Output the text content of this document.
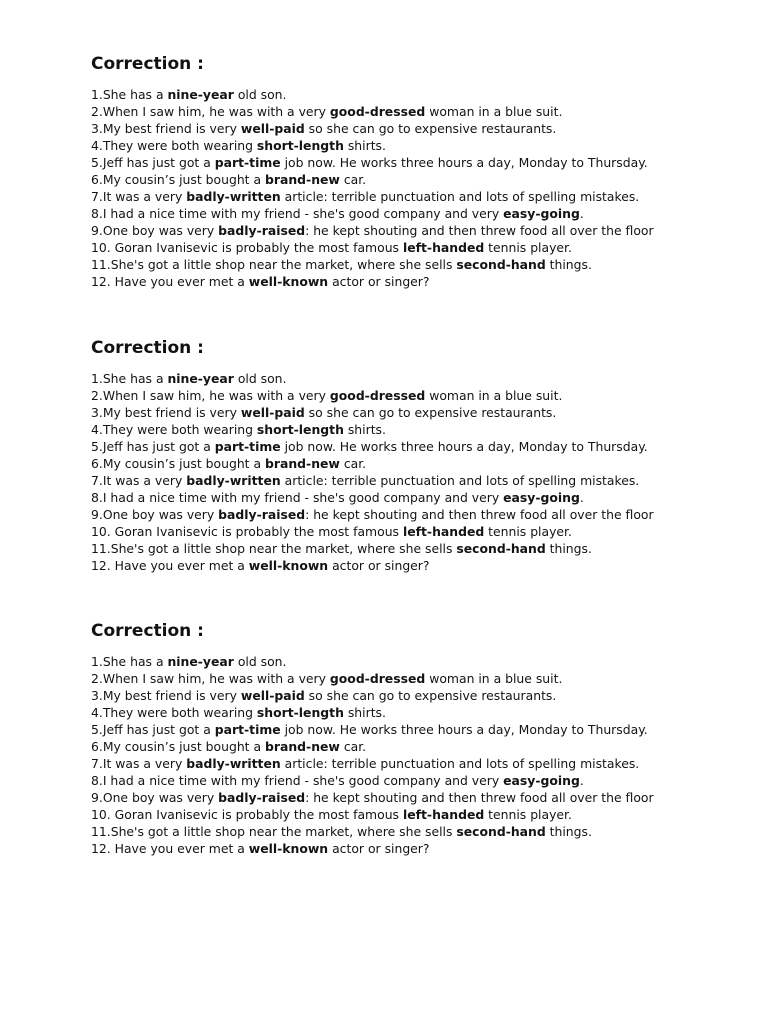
Correction :
1.She has a nine-year old son.
2.When I saw him, he was with a very good-dressed woman in a blue suit.
3.My best friend is very well-paid so she can go to expensive restaurants.
4.They were both wearing short-length shirts.
5.Jeff has just got a part-time job now. He works three hours a day, Monday to Thursday.
6.My cousin’s just bought a brand-new car.
7.It was a very badly-written article: terrible punctuation and lots of spelling mistakes.
8.I had a nice time with my friend - she's good company and very easy-going.
9.One boy was very badly-raised: he kept shouting and then threw food all over the floor
10. Goran Ivanisevic is probably the most famous left-handed tennis player.
11.She's got a little shop near the market, where she sells second-hand things.
12. Have you ever met a well-known actor or singer?
Correction :
1.She has a nine-year old son.
2.When I saw him, he was with a very good-dressed woman in a blue suit.
3.My best friend is very well-paid so she can go to expensive restaurants.
4.They were both wearing short-length shirts.
5.Jeff has just got a part-time job now. He works three hours a day, Monday to Thursday.
6.My cousin’s just bought a brand-new car.
7.It was a very badly-written article: terrible punctuation and lots of spelling mistakes.
8.I had a nice time with my friend - she's good company and very easy-going.
9.One boy was very badly-raised: he kept shouting and then threw food all over the floor
10. Goran Ivanisevic is probably the most famous left-handed tennis player.
11.She's got a little shop near the market, where she sells second-hand things.
12. Have you ever met a well-known actor or singer?
Correction :
1.She has a nine-year old son.
2.When I saw him, he was with a very good-dressed woman in a blue suit.
3.My best friend is very well-paid so she can go to expensive restaurants.
4.They were both wearing short-length shirts.
5.Jeff has just got a part-time job now. He works three hours a day, Monday to Thursday.
6.My cousin’s just bought a brand-new car.
7.It was a very badly-written article: terrible punctuation and lots of spelling mistakes.
8.I had a nice time with my friend - she's good company and very easy-going.
9.One boy was very badly-raised: he kept shouting and then threw food all over the floor
10. Goran Ivanisevic is probably the most famous left-handed tennis player.
11.She's got a little shop near the market, where she sells second-hand things.
12. Have you ever met a well-known actor or singer?
